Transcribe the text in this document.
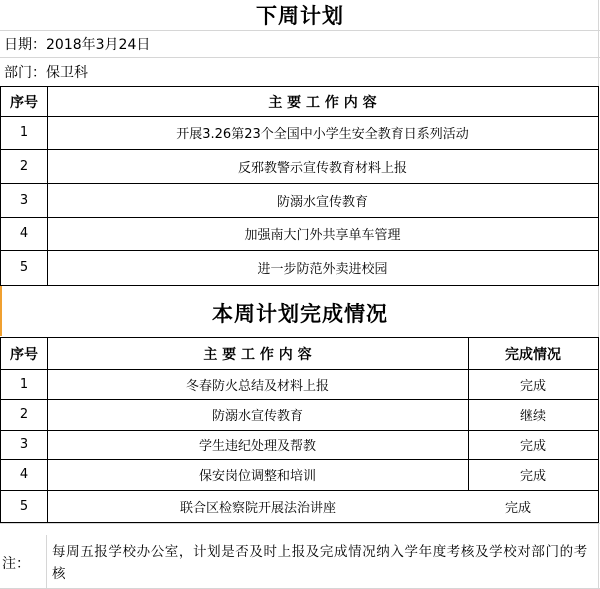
下周计划
日期： 2018年3月24日
部门： 保卫科
序号	主 要 工 作 内 容
1	开展3.26第23个全国中小学生安全教育日系列活动
2	反邪教警示宣传教育材料上报
3	防溺水宣传教育
4	加强南大门外共享单车管理
5	进一步防范外卖进校园
本周计划完成情况
序号	主 要 工 作 内 容	完成情况
1	冬春防火总结及材料上报	完成
2	防溺水宣传教育	继续
3	学生违纪处理及帮教	完成
4	保安岗位调整和培训	完成
5	联合区检察院开展法治讲座	完成
注：
每周五报学校办公室，计划是否及时上报及完成情况纳入学年度考核及学校对部门的考核
